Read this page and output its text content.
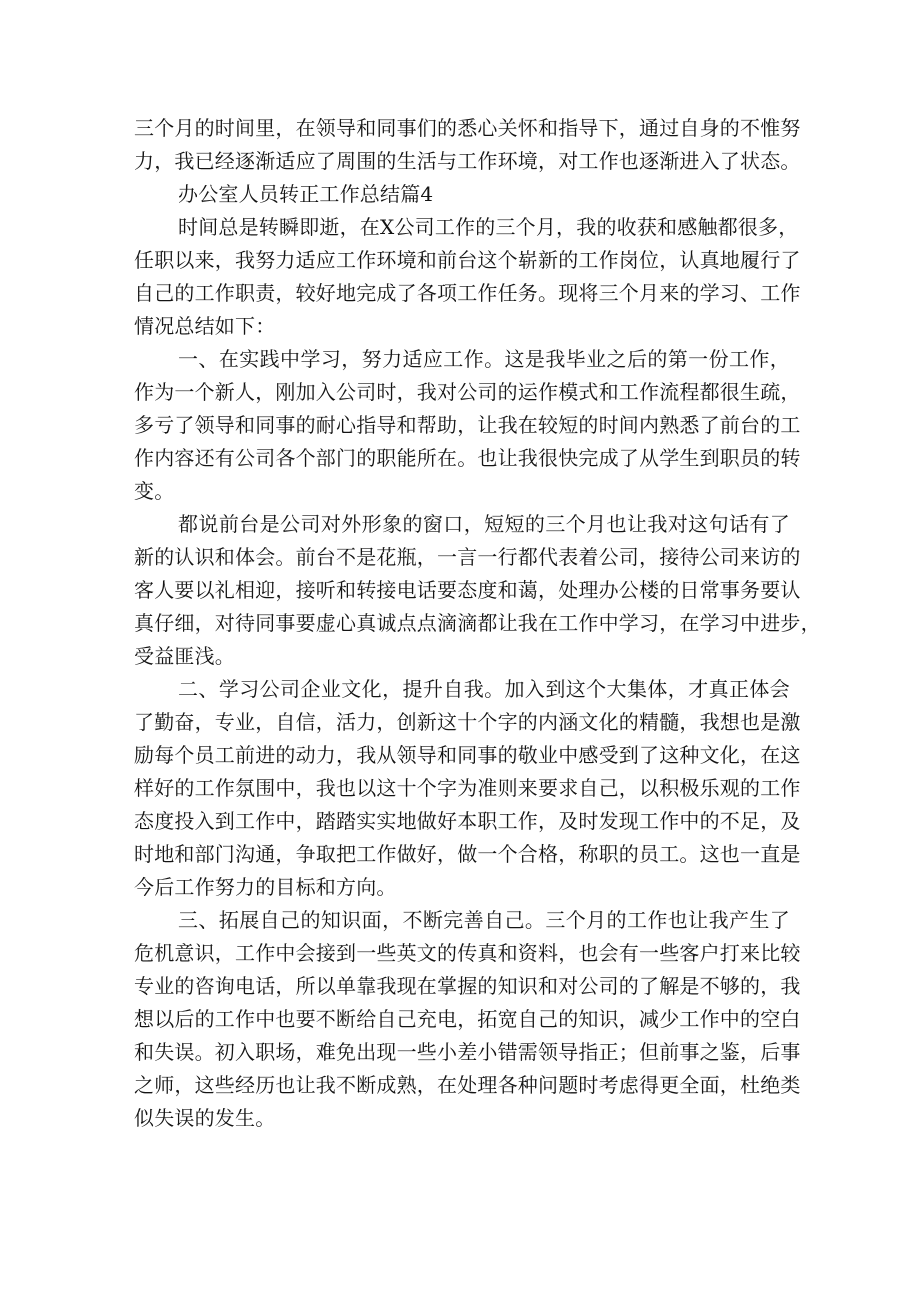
三个月的时间里，在领导和同事们的悉心关怀和指导下，通过自身的不惟努
力，我已经逐渐适应了周围的生活与工作环境，对工作也逐渐进入了状态。
办公室人员转正工作总结篇4
时间总是转瞬即逝，在X公司工作的三个月，我的收获和感触都很多，
任职以来，我努力适应工作环境和前台这个崭新的工作岗位，认真地履行了
自己的工作职责，较好地完成了各项工作任务。现将三个月来的学习、工作
情况总结如下：
一、在实践中学习，努力适应工作。这是我毕业之后的第一份工作，
作为一个新人，刚加入公司时，我对公司的运作模式和工作流程都很生疏，
多亏了领导和同事的耐心指导和帮助，让我在较短的时间内熟悉了前台的工
作内容还有公司各个部门的职能所在。也让我很快完成了从学生到职员的转
变。
都说前台是公司对外形象的窗口，短短的三个月也让我对这句话有了
新的认识和体会。前台不是花瓶，一言一行都代表着公司，接待公司来访的
客人要以礼相迎，接听和转接电话要态度和蔼，处理办公楼的日常事务要认
真仔细，对待同事要虚心真诚点点滴滴都让我在工作中学习，在学习中进步，
受益匪浅。
二、学习公司企业文化，提升自我。加入到这个大集体，才真正体会
了勤奋，专业，自信，活力，创新这十个字的内涵文化的精髓，我想也是激
励每个员工前进的动力，我从领导和同事的敬业中感受到了这种文化，在这
样好的工作氛围中，我也以这十个字为准则来要求自己，以积极乐观的工作
态度投入到工作中，踏踏实实地做好本职工作，及时发现工作中的不足，及
时地和部门沟通，争取把工作做好，做一个合格，称职的员工。这也一直是
今后工作努力的目标和方向。
三、拓展自己的知识面，不断完善自己。三个月的工作也让我产生了
危机意识，工作中会接到一些英文的传真和资料，也会有一些客户打来比较
专业的咨询电话，所以单靠我现在掌握的知识和对公司的了解是不够的，我
想以后的工作中也要不断给自己充电，拓宽自己的知识，减少工作中的空白
和失误。初入职场，难免出现一些小差小错需领导指正；但前事之鉴，后事
之师，这些经历也让我不断成熟，在处理各种问题时考虑得更全面，杜绝类
似失误的发生。
